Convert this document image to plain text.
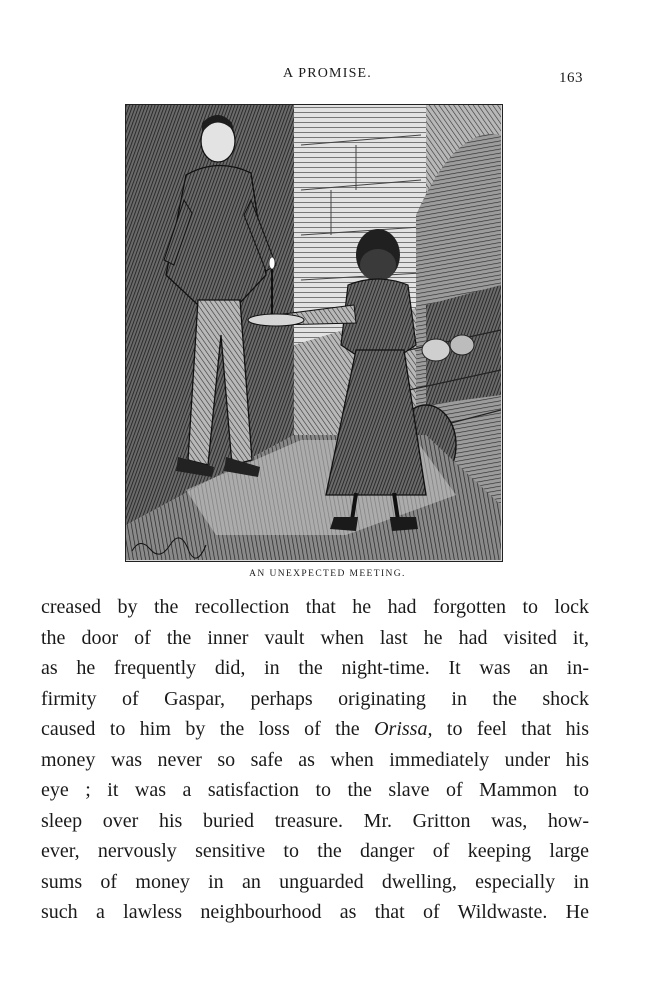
A PROMISE.	163
AN UNEXPECTED MEETING.
creased by the recollection that he had forgotten to lock
the door of the inner vault when last he had visited it,
as he frequently did, in the night-time. It was an in-
firmity of Gaspar, perhaps originating in the shock
caused to him by the loss of the Orissa, to feel that his
money was never so safe as when immediately under his
eye ; it was a satisfaction to the slave of Mammon to
sleep over his buried treasure. Mr. Gritton was, how-
ever, nervously sensitive to the danger of keeping large
sums of money in an unguarded dwelling, especially in
such a lawless neighbourhood as that of Wildwaste. He
